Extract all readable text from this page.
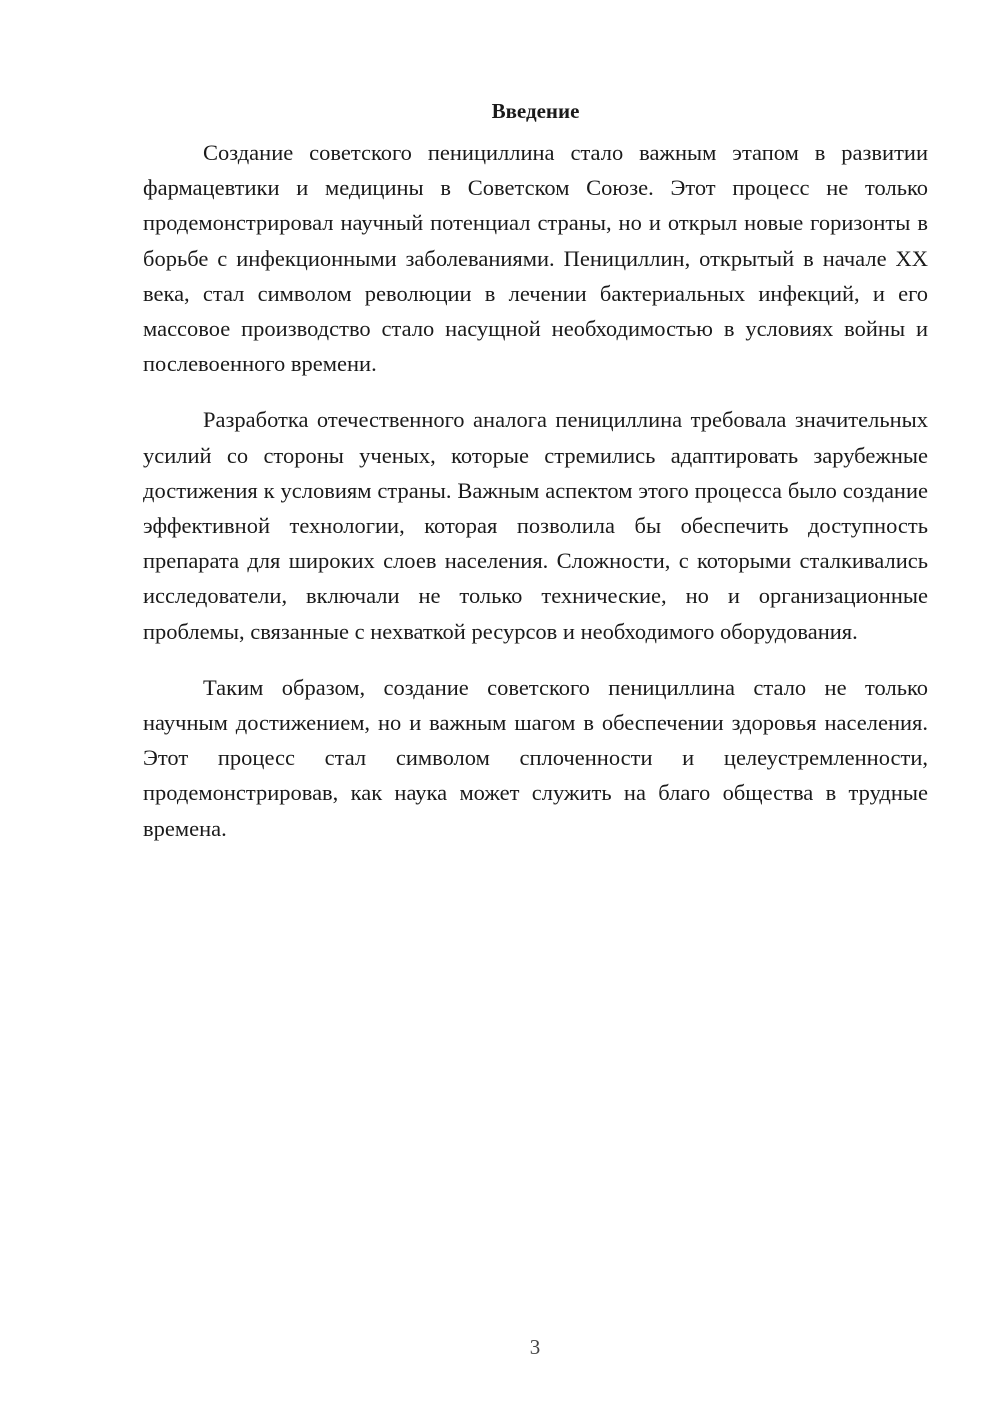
Введение

Создание советского пенициллина стало важным этапом в развитии фармацевтики и медицины в Советском Союзе. Этот процесс не только продемонстрировал научный потенциал страны, но и открыл новые горизонты в борьбе с инфекционными заболеваниями. Пенициллин, открытый в начале XX века, стал символом революции в лечении бактериальных инфекций, и его массовое производство стало насущной необходимостью в условиях войны и послевоенного времени.

Разработка отечественного аналога пенициллина требовала значительных усилий со стороны ученых, которые стремились адаптировать зарубежные достижения к условиям страны. Важным аспектом этого процесса было создание эффективной технологии, которая позволила бы обеспечить доступность препарата для широких слоев населения. Сложности, с которыми сталкивались исследователи, включали не только технические, но и организационные проблемы, связанные с нехваткой ресурсов и необходимого оборудования.

Таким образом, создание советского пенициллина стало не только научным достижением, но и важным шагом в обеспечении здоровья населения. Этот процесс стал символом сплоченности и целеустремленности, продемонстрировав, как наука может служить на благо общества в трудные времена.

3
